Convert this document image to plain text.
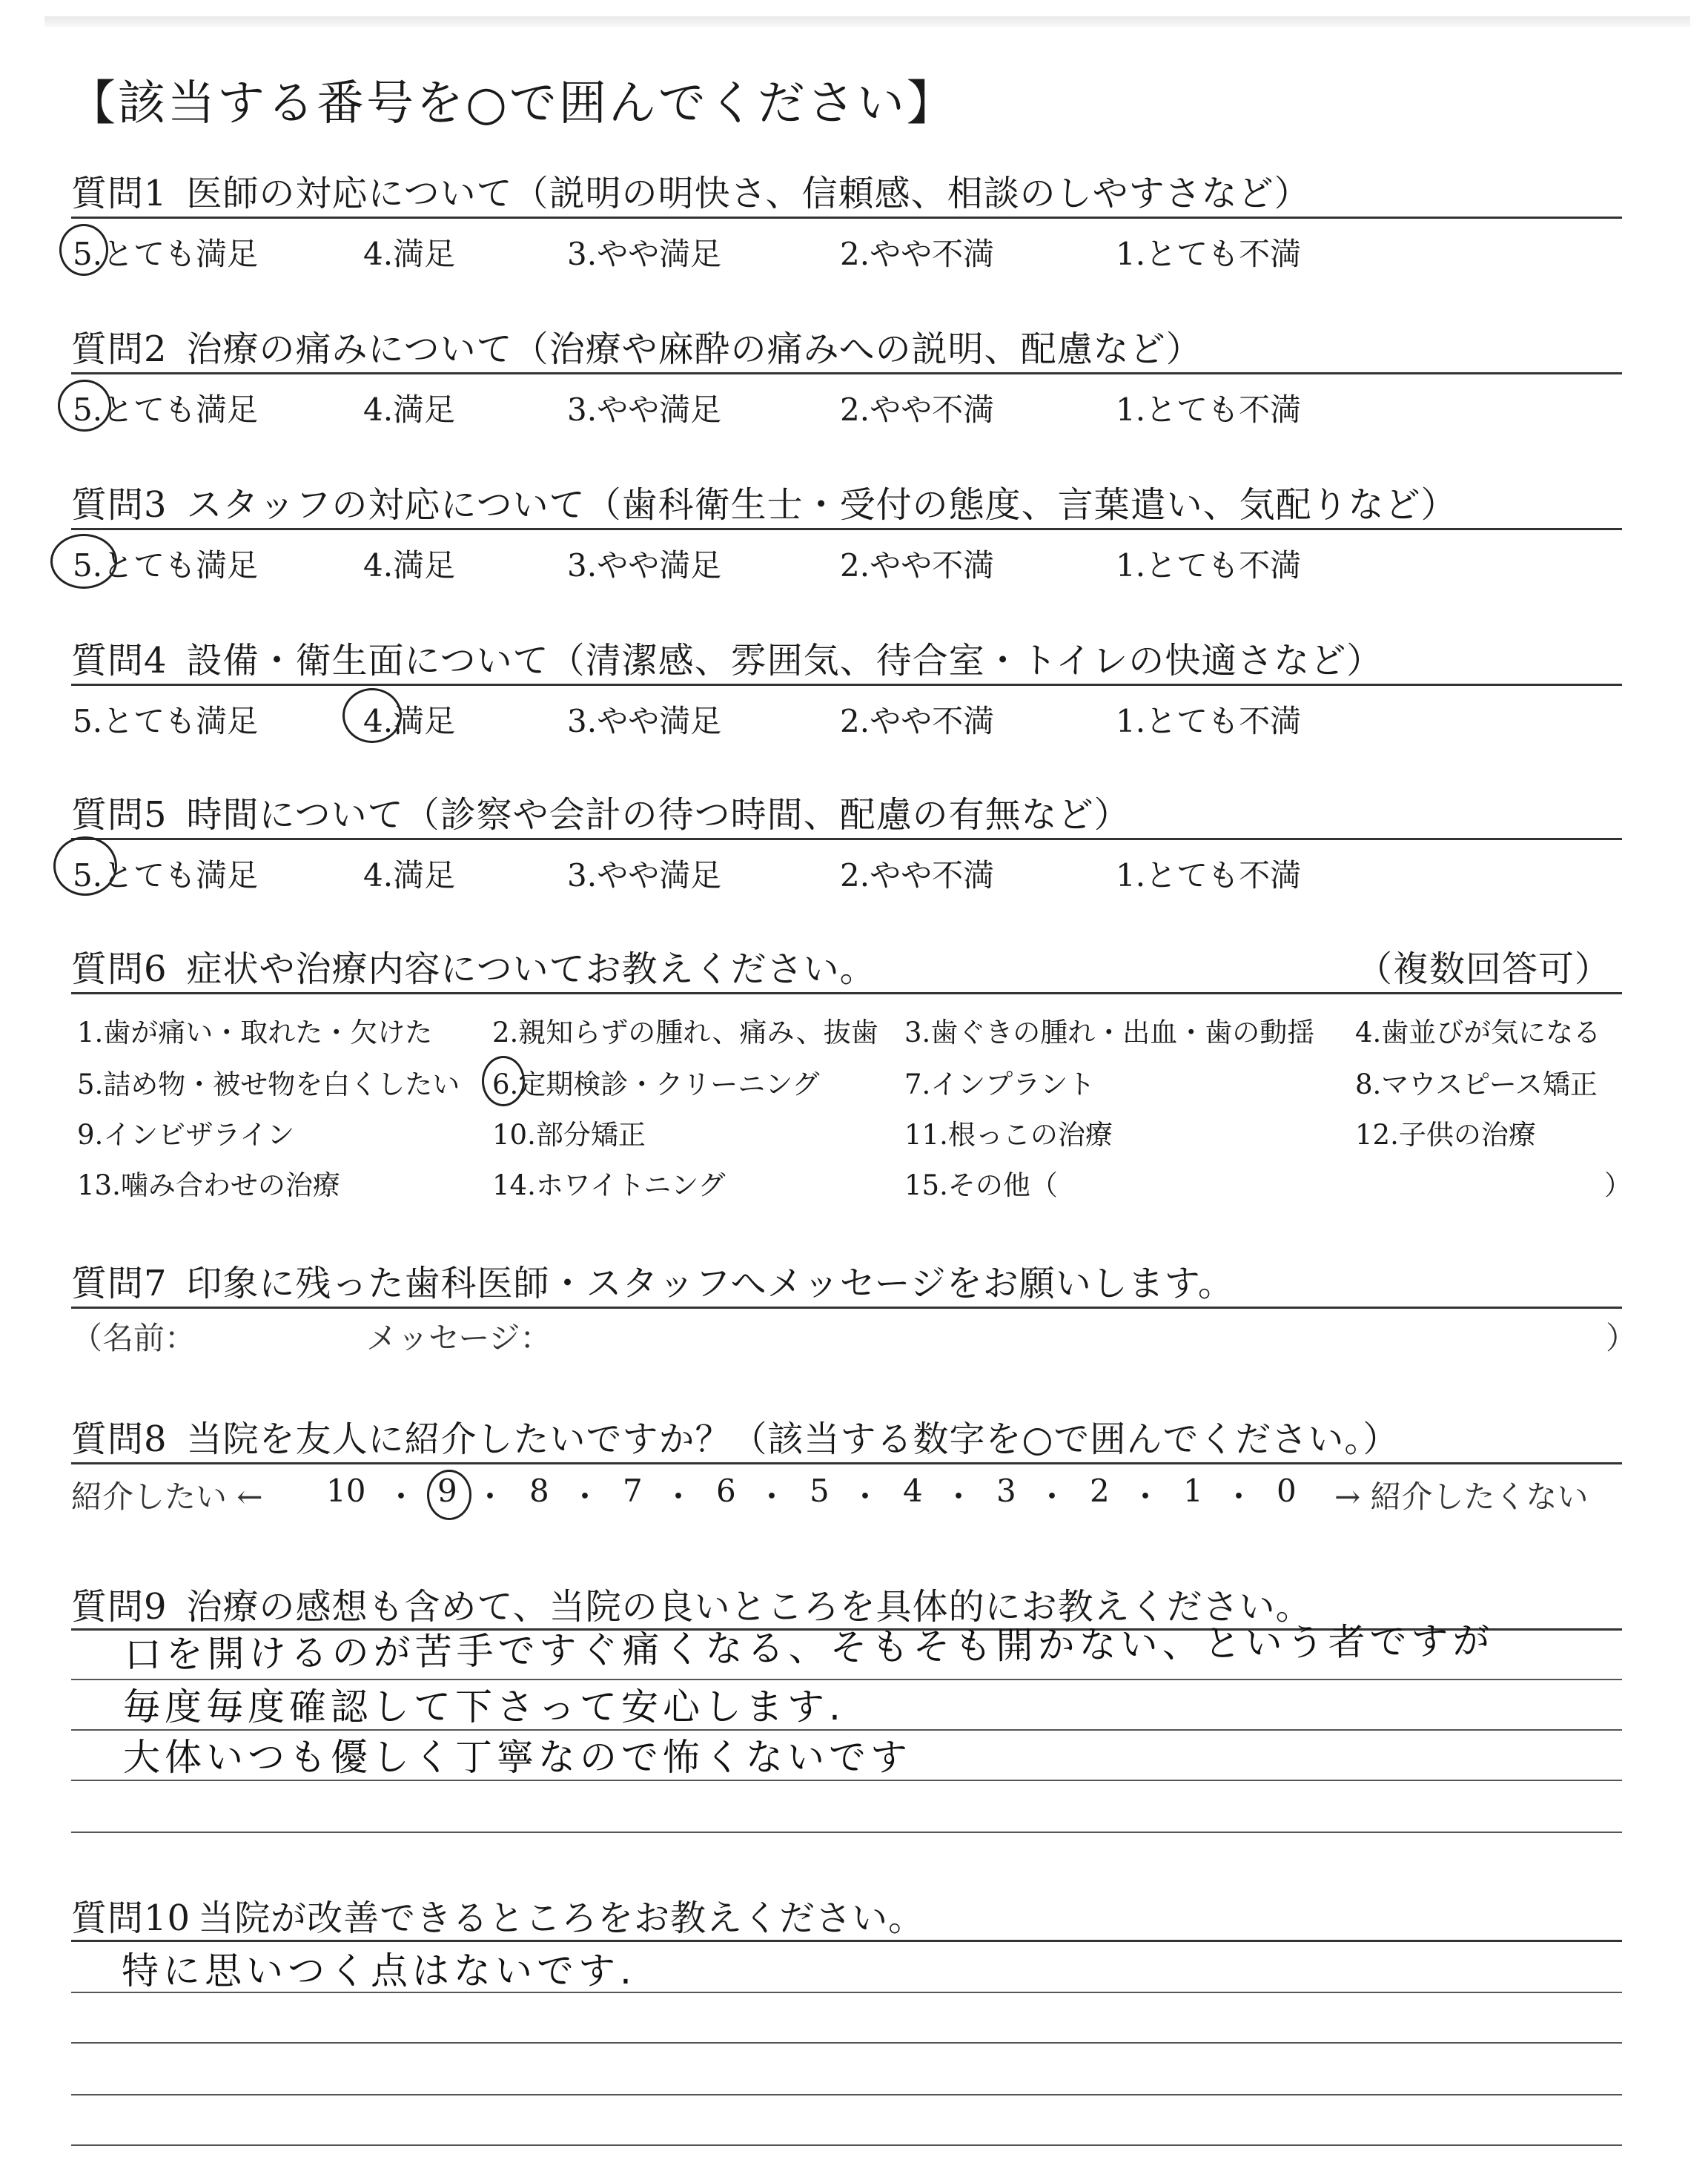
【該当する番号を○で囲んでください】
質問1 医師の対応について（説明の明快さ、信頼感、相談のしやすさなど）
5.とても満足	4.満足	3.やや満足	2.やや不満	1.とても不満
質問2 治療の痛みについて（治療や麻酔の痛みへの説明、配慮など）
5.とても満足	4.満足	3.やや満足	2.やや不満	1.とても不満
質問3 スタッフの対応について（歯科衛生士・受付の態度、言葉遣い、気配りなど）
5.とても満足	4.満足	3.やや満足	2.やや不満	1.とても不満
質問4 設備・衛生面について（清潔感、雰囲気、待合室・トイレの快適さなど）
5.とても満足	4.満足	3.やや満足	2.やや不満	1.とても不満
質問5 時間について（診察や会計の待つ時間、配慮の有無など）
5.とても満足	4.満足	3.やや満足	2.やや不満	1.とても不満
質問6 症状や治療内容についてお教えください。	（複数回答可）
1.歯が痛い・取れた・欠けた 2.親知らずの腫れ、痛み、抜歯 3.歯ぐきの腫れ・出血・歯の動揺 4.歯並びが気になる
5.詰め物・被せ物を白くしたい 6.定期検診・クリーニング	7.インプラント	8.マウスピース矯正
9.インビザライン	10.部分矯正	11.根っこの治療	12.子供の治療
13.噛み合わせの治療	14.ホワイトニング	15.その他（	）
質問7 印象に残った歯科医師・スタッフへメッセージをお願いします。
（名前：	メッセージ：	）
質問8 当院を友人に紹介したいですか？（該当する数字を○で囲んでください。）
紹介したい ← 10 ・ 9 ・ 8 ・ 7 ・ 6 ・ 5 ・ 4 ・ 3 ・ 2 ・ 1 ・ 0 → 紹介したくない
質問9 治療の感想も含めて、当院の良いところを具体的にお教えください。
口を開けるのが苦手ですぐ痛くなる、そもそも開かない、という者ですが
毎度毎度確認して下さって安心します.
大体いつも優しく丁寧なので怖くないです
質問10 当院が改善できるところをお教えください。
特に思いつく点はないです.
